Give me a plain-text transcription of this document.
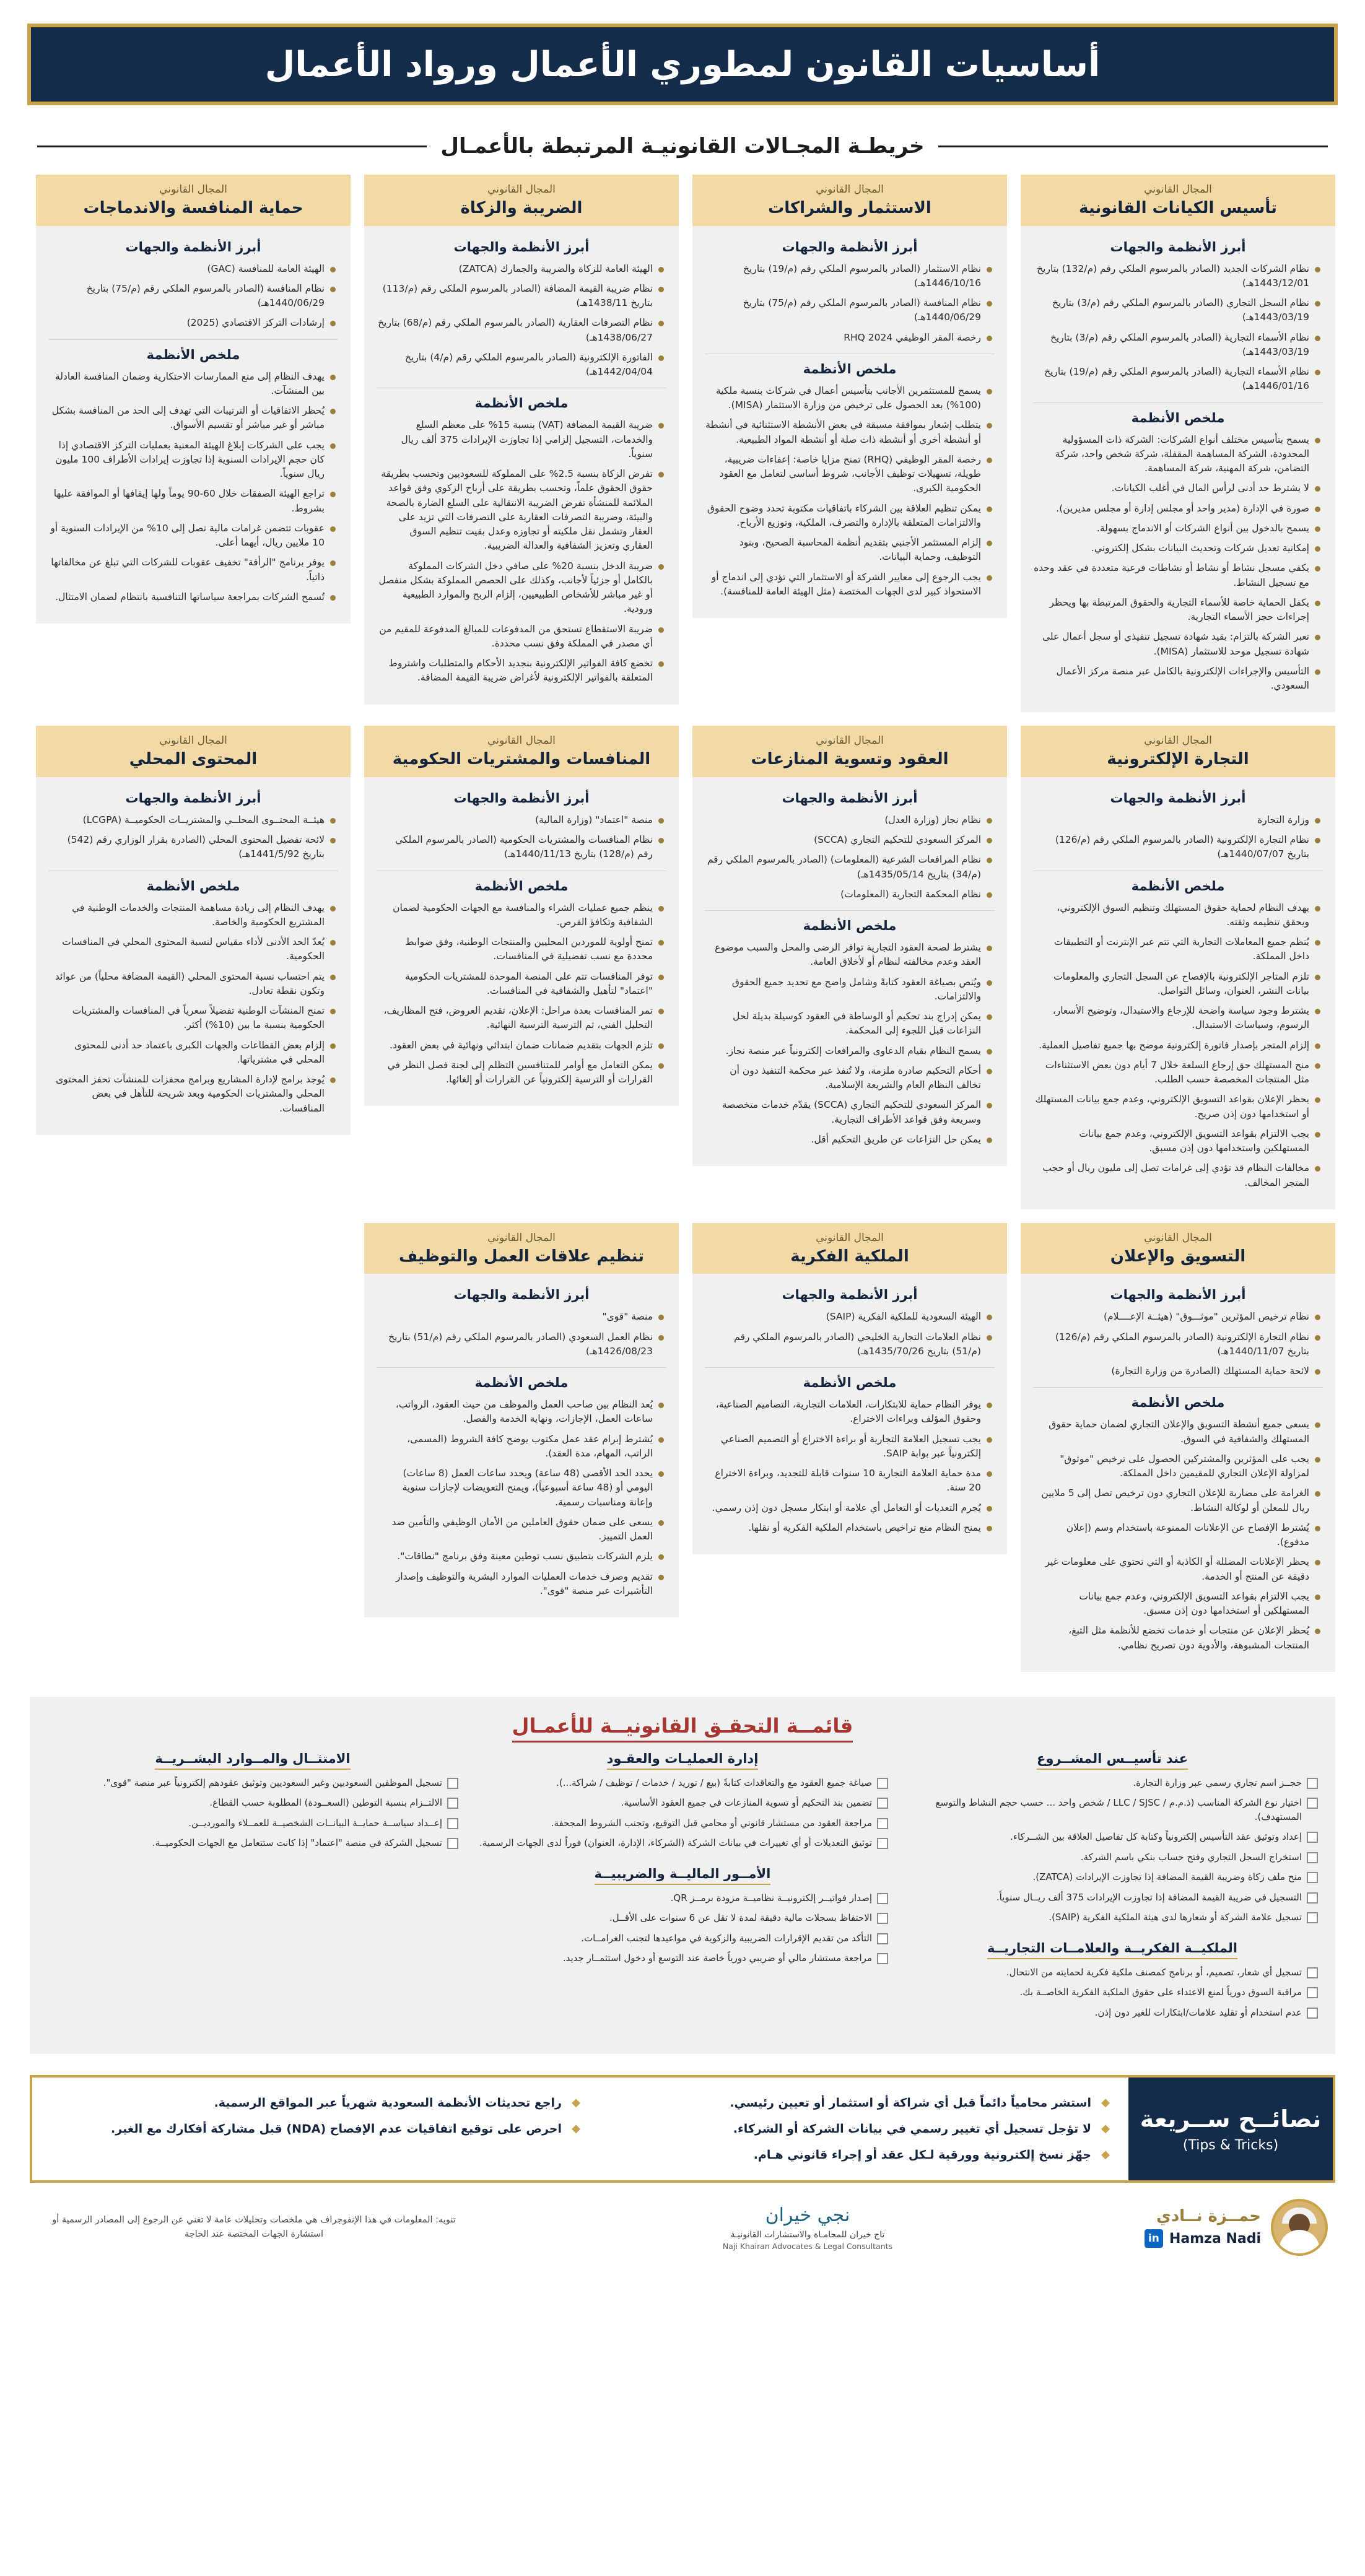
أساسيات القانون لمطوري الأعمال ورواد الأعمال
خريطـة المجـالات القانونيـة المرتبطة بالأعمـال
المجال القانوني
تأسيس الكيانات القانونية
أبرز الأنظمة والجهات
نظام الشركات الجديد (الصادر بالمرسوم الملكي رقم (م/132) بتاريخ 1443/12/01هـ)
نظام السجل التجاري (الصادر بالمرسوم الملكي رقم (م/3) بتاريخ 1443/03/19هـ)
نظام الأسماء التجارية (الصادر بالمرسوم الملكي رقم (م/3) بتاريخ 1443/03/19هـ)
نظام الأسماء التجارية (الصادر بالمرسوم الملكي رقم (م/19) بتاريخ 1446/01/16هـ)
ملخص الأنظمة
يسمح بتأسيس مختلف أنواع الشركات: الشركة ذات المسؤولية المحدودة، الشركة المساهمة المقفلة، شركة شخص واحد، شركة التضامن، شركة المهنية، شركة المساهمة.
لا يشترط حد أدنى لرأس المال في أغلب الكيانات.
صورة في الإدارة (مدير واحد أو مجلس إدارة أو مجلس مديرين).
يسمح بالدخول بين أنواع الشركات أو الاندماج بسهولة.
إمكانية تعديل شركات وتحديث البيانات بشكل إلكتروني.
يكفي مسجل نشاط أو نشاط أو نشاطات فرعية متعددة في عقد وحده مع تسجيل النشاط.
يكفل الحماية خاصة للأسماء التجارية والحقوق المرتبطة بها ويحظر إجراءات حجز الأسماء التجارية.
تعبر الشركة بالتزام: بقيد شهادة تسجيل تنفيذي أو سجل أعمال على شهادة تسجيل موحد للاستثمار (MISA).
التأسيس والإجراءات الإلكترونية بالكامل عبر منصة مركز الأعمال السعودي.
المجال القانوني
الاستثمار والشراكات
أبرز الأنظمة والجهات
نظام الاستثمار (الصادر بالمرسوم الملكي رقم (م/19) بتاريخ 1446/10/16هـ)
نظام المنافسة (الصادر بالمرسوم الملكي رقم (م/75) بتاريخ 1440/06/29هـ)
رخصة المقر الوظيفي RHQ 2024
ملخص الأنظمة
يسمح للمستثمرين الأجانب بتأسيس أعمال في شركات بنسبة ملكية (100%) بعد الحصول على ترخيص من وزارة الاستثمار (MISA).
يتطلب إشعار بموافقة مسبقة في بعض الأنشطة الاستثنائية في أنشطة أو أنشطة أخرى أو أنشطة ذات صلة أو أنشطة المواد الطبيعية.
رخصة المقر الوظيفي (RHQ) تمنح مزايا خاصة: إعفاءات ضريبية، طويلة، تسهيلات توظيف الأجانب، شروط أساسي لتعامل مع العقود الحكومية الكبرى.
يمكن تنظيم العلاقة بين الشركاء باتفاقيات مكتوبة تحدد وضوح الحقوق والالتزامات المتعلقة بالإدارة والتصرف، الملكية، وتوزيع الأرباح.
إلزام المستثمر الأجنبي بتقديم أنظمة المحاسبة الصحيح، وبنود التوظيف، وحماية البيانات.
يجب الرجوع إلى معايير الشركة أو الاستثمار التي تؤدي إلى اندماج أو الاستحواذ كبير لدى الجهات المختصة (مثل الهيئة العامة للمنافسة).
المجال القانوني
الضريبة والزكاة
أبرز الأنظمة والجهات
الهيئة العامة للزكاة والضريبة والجمارك (ZATCA)
نظام ضريبة القيمة المضافة (الصادر بالمرسوم الملكي رقم (م/113) بتاريخ 1438/11هـ)
نظام التصرفات العقارية (الصادر بالمرسوم الملكي رقم (م/68) بتاريخ 1438/06/27هـ)
الفاتورة الإلكترونية (الصادر بالمرسوم الملكي رقم (م/4) بتاريخ 1442/04/04هـ)
ملخص الأنظمة
ضريبة القيمة المضافة (VAT) بنسبة 15% على معظم السلع والخدمات، التسجيل إلزامي إذا تجاوزت الإيرادات 375 ألف ريال سنوياً.
تفرض الزكاة بنسبة 2.5% على المملوكة للسعوديين وتحسب بطريقة حقوق الحقوق علماً، وتحسب بطريقة على أرباح الزكوي وفق قواعد الملائمة للمنشأة تفرض الضريبة الانتقالية على السلع الضارة بالصحة والبيئة، وضريبة التصرفات العقارية على التصرفات التي تزيد على العقار وتشمل نقل ملكيته أو تجاوزه وعدل بقيت تنظيم السوق العقاري وتعزيز الشفافية والعدالة الضريبية.
ضريبة الدخل بنسبة 20% على صافي دخل الشركات المملوكة بالكامل أو جزئياً لأجانب، وكذلك على الحصص المملوكة بشكل منفصل أو غير مباشر للأشخاص الطبيعيين، إلزام الربح والموارد الطبيعية ورودية.
ضريبة الاستقطاع تستحق من المدفوعات للمبالغ المدفوعة للمقيم من أي مصدر في المملكة وفق نسب محددة.
تخضع كافة الفواتير الإلكترونية بنجديد الأحكام والمتطلبات واشتروط المتعلقة بالفواتير الإلكترونية لأغراض ضريبة القيمة المضافة.
المجال القانوني
حماية المنافسة والاندماجات
أبرز الأنظمة والجهات
الهيئة العامة للمنافسة (GAC)
نظام المنافسة (الصادر بالمرسوم الملكي رقم (م/75) بتاريخ 1440/06/29هـ)
إرشادات التركز الاقتصادي (2025)
ملخص الأنظمة
يهدف النظام إلى منع الممارسات الاحتكارية وضمان المنافسة العادلة بين المنشآت.
يُحظر الاتفاقيات أو الترتيبات التي تهدف إلى الحد من المنافسة بشكل مباشر أو غير مباشر أو تقسيم الأسواق.
يجب على الشركات إبلاغ الهيئة المعنية بعمليات التركز الاقتصادي إذا كان حجم الإيرادات السنوية إذا تجاوزت إيرادات الأطراف 100 مليون ريال سنوياً.
تراجع الهيئة الصفقات خلال 60-90 يوماً ولها إيقافها أو الموافقة عليها بشروط.
عقوبات تتضمن غرامات مالية تصل إلى 10% من الإيرادات السنوية أو 10 ملايين ريال، أيهما أعلى.
يوفر برنامج "الرأفة" تخفيف عقوبات للشركات التي تبلغ عن مخالفاتها ذاتياً.
تُسمح الشركات بمراجعة سياساتها التنافسية بانتظام لضمان الامتثال.
المجال القانوني
التجارة الإلكترونية
أبرز الأنظمة والجهات
وزارة التجارة
نظام التجارة الإلكترونية (الصادر بالمرسوم الملكي رقم (م/126) بتاريخ 1440/07/07هـ)
ملخص الأنظمة
يهدف النظام لحماية حقوق المستهلك وتنظيم السوق الإلكتروني، ويحقق تنظيمه وثقته.
يُنظم جميع المعاملات التجارية التي تتم عبر الإنترنت أو التطبيقات داخل المملكة.
تلزم المتاجر الإلكترونية بالإفصاح عن السجل التجاري والمعلومات بيانات النشر، العنوان، وسائل التواصل.
يشترط وجود سياسة واضحة للإرجاع والاستبدال، وتوضيح الأسعار، الرسوم، وسياسات الاستبدال.
إلزام المتجر بإصدار فاتورة إلكترونية موضح بها جميع تفاصيل العملية.
منح المستهلك حق إرجاع السلعة خلال 7 أيام دون بعض الاستثناءات مثل المنتجات المخصصة حسب الطلب.
يحظر الإعلان بقواعد التسويق الإلكتروني، وعدم جمع بيانات المستهلك أو استخدامها دون إذن صريح.
يجب الالتزام بقواعد التسويق الإلكتروني، وعدم جمع بيانات المستهلكين واستخدامها دون إذن مسبق.
مخالفات النظام قد تؤدي إلى غرامات تصل إلى مليون ريال أو حجب المتجر المخالف.
المجال القانوني
العقود وتسوية المنازعات
أبرز الأنظمة والجهات
نظام نجاز (وزارة العدل)
المركز السعودي للتحكيم التجاري (SCCA)
نظام المرافعات الشرعية (المعلومات) (الصادر بالمرسوم الملكي رقم (م/34) بتاريخ 1435/05/14هـ)
نظام المحكمة التجارية (المعلومات)
ملخص الأنظمة
يشترط لصحة العقود التجارية توافر الرضى والمحل والسبب موضوع العقد وعدم مخالفته لنظام أو لأخلاق العامة.
ويُنص بصياغة العقود كتابةً وشامل واضح مع تحديد جميع الحقوق والالتزامات.
يمكن إدراج بند تحكيم أو الوساطة في العقود كوسيلة بديلة لحل النزاعات قبل اللجوء إلى المحكمة.
يسمح النظام بقيام الدعاوى والمرافعات إلكترونياً عبر منصة نجاز.
أحكام التحكيم صادرة ملزمة، ولا تُنفذ عبر محكمة التنفيذ دون أن تخالف النظام العام والشريعة الإسلامية.
المركز السعودي للتحكيم التجاري (SCCA) يقدّم خدمات متخصصة وسريعة وفق قواعد الأطراف التجارية.
يمكن حل النزاعات عن طريق التحكيم أقل.
المجال القانوني
المنافسات والمشتريات الحكومية
أبرز الأنظمة والجهات
منصة "اعتماد" (وزارة المالية)
نظام المنافسات والمشتريات الحكومية (الصادر بالمرسوم الملكي رقم (م/128) بتاريخ 1440/11/13هـ)
ملخص الأنظمة
ينظم جميع عمليات الشراء والمنافسة مع الجهات الحكومية لضمان الشفافية وتكافؤ الفرص.
تمنح أولوية للموردين المحليين والمنتجات الوطنية، وفق ضوابط محددة مع نسب تفضيلية في المنافسات.
توفر المنافسات تتم على المنصة الموحدة للمشتريات الحكومية "اعتماد" لتأهيل والشفافية في المنافسات.
تمر المنافسات بعدة مراحل: الإعلان، تقديم العروض، فتح المظاريف، التحليل الفني، ثم الترسية الترسية النهائية.
تلزم الجهات بتقديم ضمانات ضمان ابتدائي ونهائية في بعض العقود.
يمكن التعامل مع أوامر للمتنافسين التظلم إلى لجنة فصل النظر في القرارات أو الترسية إلكترونياً عن القرارات أو إلغائها.
المجال القانوني
المحتوى المحلي
أبرز الأنظمة والجهات
هيئــة المحتــوى المحلــي والمشتريــات الحكوميــة (LCGPA)
لائحة تفضيل المحتوى المحلي (الصادرة بقرار الوزاري رقم (542) بتاريخ 1441/5/92هـ)
ملخص الأنظمة
يهدف النظام إلى زيادة مساهمة المنتجات والخدمات الوطنية في المشتريع الحكومية والخاصة.
يُعدّ الحد الأدنى لأداء مقياس لنسبة المحتوى المحلي في المنافسات الحكومية.
يتم احتساب نسبة المحتوى المحلي (القيمة المضافة محلياً) من عوائد وتكون نقطة تعادل.
تمنح المنشآت الوطنية تفضيلاً سعرياً في المنافسات والمشتريات الحكومية بنسبة ما بين (10%) أكثر.
إلزام بعض القطاعات والجهات الكبرى باعتماد حد أدنى للمحتوى المحلي في مشترياتها.
يُوجد برامج لإدارة المشاريع وبرامج محفزات للمنشآت تحفز المحتوى المحلي والمشتريات الحكومية وبعد شريحة للتأهل في بعض المنافسات.
المجال القانوني
التسويق والإعلان
أبرز الأنظمة والجهات
نظام ترخيص المؤثرين "موثـــوق" (هيئــة الإعــــلام)
نظام التجارة الإلكترونية (الصادر بالمرسوم الملكي رقم (م/126) بتاريخ 1440/11/07هـ)
لائحة حماية المستهلك (الصادرة من وزارة التجارة)
ملخص الأنظمة
يسعى جميع أنشطة التسويق والإعلان التجاري لضمان حماية حقوق المستهلك والشفافية في السوق.
يجب على المؤثرين والمشتركين الحصول على ترخيص "موثوق" لمزاولة الإعلان التجاري للمقيمين داخل المملكة.
الغرامة على مضاربة للإعلان التجاري دون ترخيص تصل إلى 5 ملايين ريال للمعلن أو لوكالة النشاط.
يُشترط الإفصاح عن الإعلانات الممنوعة باستخدام وسم (إعلان مدفوع).
يحظر الإعلانات المضللة أو الكاذبة أو التي تحتوي على معلومات غير دقيقة عن المنتج أو الخدمة.
يجب الالتزام بقواعد التسويق الإلكتروني، وعدم جمع بيانات المستهلكين أو استخدامها دون إذن مسبق.
يُحظر الإعلان عن منتجات أو خدمات تخضع للأنظمة مثل التبغ، المنتجات المشبوهة، والأدوية دون تصريح نظامي.
المجال القانوني
الملكية الفكرية
أبرز الأنظمة والجهات
الهيئة السعودية للملكية الفكرية (SAIP)
نظام العلامات التجارية الخليجي (الصادر بالمرسوم الملكي رقم (م/51) بتاريخ 1435/70/26هـ)
ملخص الأنظمة
يوفر النظام حماية للابتكارات، العلامات التجارية، التصاميم الصناعية، وحقوق المؤلف وبراءات الاختراع.
يجب تسجيل العلامة التجارية أو براءة الاختراع أو التصميم الصناعي إلكترونياً عبر بوابة SAIP.
مدة حماية العلامة التجارية 10 سنوات قابلة للتجديد، وبراءة الاختراع 20 سنة.
يُجرم التعديات أو التعامل أي علامة أو ابتكار مسجل دون إذن رسمي.
يمنح النظام منع تراخيص باستخدام الملكية الفكرية أو نقلها.
المجال القانوني
تنظيم علاقات العمل والتوظيف
أبرز الأنظمة والجهات
منصة "قوى"
نظام العمل السعودي (الصادر بالمرسوم الملكي رقم (م/51) بتاريخ 1426/08/23هـ)
ملخص الأنظمة
يُعد النظام بين صاحب العمل والموظف من حيث العقود، الرواتب، ساعات العمل، الإجازات، ونهاية الخدمة والفصل.
يُشترط إبرام عقد عمل مكتوب يوضح كافة الشروط (المسمى، الراتب، المهام، مدة العقد).
يحدد الحد الأقصى (48 ساعة) ويحدد ساعات العمل (8 ساعات) اليومي أو (48 ساعة أسبوعياً)، ويمنح التعويضات لإجازات سنوية وإعانة ومناسبات رسمية.
يسعى على ضمان حقوق العاملين من الأمان الوظيفي والتأمين ضد العمل التمييز.
يلزم الشركات بتطبيق نسب توطين معينة وفق برنامج "نطاقات".
تقديم وصرف خدمات العمليات الموارد البشرية والتوظيف وإصدار التأشيرات عبر منصة "قوى".
قائمــة التحقـق القانونيــة للأعمـال
عند تأسيــس المشــروع
حجــز اسم تجاري رسمي عبر وزارة التجارة.
اختيار نوع الشركة المناسب (ذ.م.م / LLC / SJSC / شخص واحد ... حسب حجم النشاط والتوسع المستهدف).
إعداد وتوثيق عقد التأسيس إلكترونياً وكتابة كل تفاصيل العلاقة بين الشــركاء.
استخراج السجل التجاري وفتح حساب بنكي باسم الشركة.
منح ملف زكاة وضريبة القيمة المضافة إذا تجاوزت الإيرادات (ZATCA).
التسجيل في ضريبة القيمة المضافة إذا تجاوزت الإيرادات 375 ألف ريــال سنوياً.
تسجيل علامة الشركة أو شعارها لدى هيئة الملكية الفكرية (SAIP).
الملكيــة الفكريــة والعلامــات التجاريــة
تسجيل أي شعار، تصميم، أو برنامج كمصنف ملكية فكرية لحمايته من الانتحال.
مراقبة السوق دورياً لمنع الاعتداء على حقوق الملكية الفكرية الخاصــة بك.
عدم استخدام أو تقليد علامات/ابتكارات للغير دون إذن.
إدارة العمليـات والعقـود
صياغة جميع العقود مع والتعاقدات كتابةً (بيع / توريد / خدمات / توظيف / شراكة...).
تضمين بند التحكيم أو تسوية المنازعات في جميع العقود الأساسية.
مراجعة العقود من مستشار قانوني أو محامي قبل التوقيع، وتجنب الشروط المجحفة.
توثيق التعديلات أو أي تغييرات في بيانات الشركة (الشركاء، الإدارة، العنوان) فوراً لدى الجهات الرسمية.
الأمــور الماليــة والضريبيــة
إصدار فواتيــر إلكترونيــة نظاميــة مزودة برمــز QR.
الاحتفاظ بسجلات مالية دقيقة لمدة لا تقل عن 6 سنوات على الأقــل.
التأكد من تقديم الإقرارات الضريبية والزكوية في مواعيدها لتجنب الغرامــات.
مراجعة مستشار مالي أو ضريبي دورياً خاصة عند التوسع أو دخول استثمــار جديد.
الامتثــال والمــوارد البشــريــة
تسجيل الموظفين السعوديين وغير السعوديين وتوثيق عقودهم إلكترونياً عبر منصة "قوى".
الالتــزام بنسبة التوطين (السعــودة) المطلوبة حسب القطاع.
إعــداد سياســة حمايــة البيانــات الشخصيــة للعمــلاء والمورديــن.
تسجيل الشركة في منصة "اعتماد" إذا كانت ستتعامل مع الجهات الحكوميــة.
نصائــح ســريعة
(Tips & Tricks)
◆ استشر محامياً دائماً قبل أي شراكة أو استثمار أو تعيين رئيسي.
◆ راجع تحديثات الأنظمة السعودية شهرياً عبر المواقع الرسمية.
◆ لا تؤجل تسجيل أي تغيير رسمي في بيانات الشركة أو الشركاء.
◆ احرص على توقيع اتفاقيات عدم الإفصاح (NDA) قبل مشاركة أفكارك مع الغير.
◆ جهّز نسخ إلكترونية وورقية لـكل عقد أو إجراء قانوني هـام.
حمــزة نــادي
Hamza Nadi
in
نجي خيران
تاج خيران للمحامـاة والاستشارات القانونيـة
Naji Khairan Advocates & Legal Consultants
تنويه: المعلومات في هذا الإنفوجراف هي ملخصات وتحليلات عامة لا تغني عن الرجوع إلى المصادر الرسمية أو استشارة الجهات المختصة عند الحاجة
